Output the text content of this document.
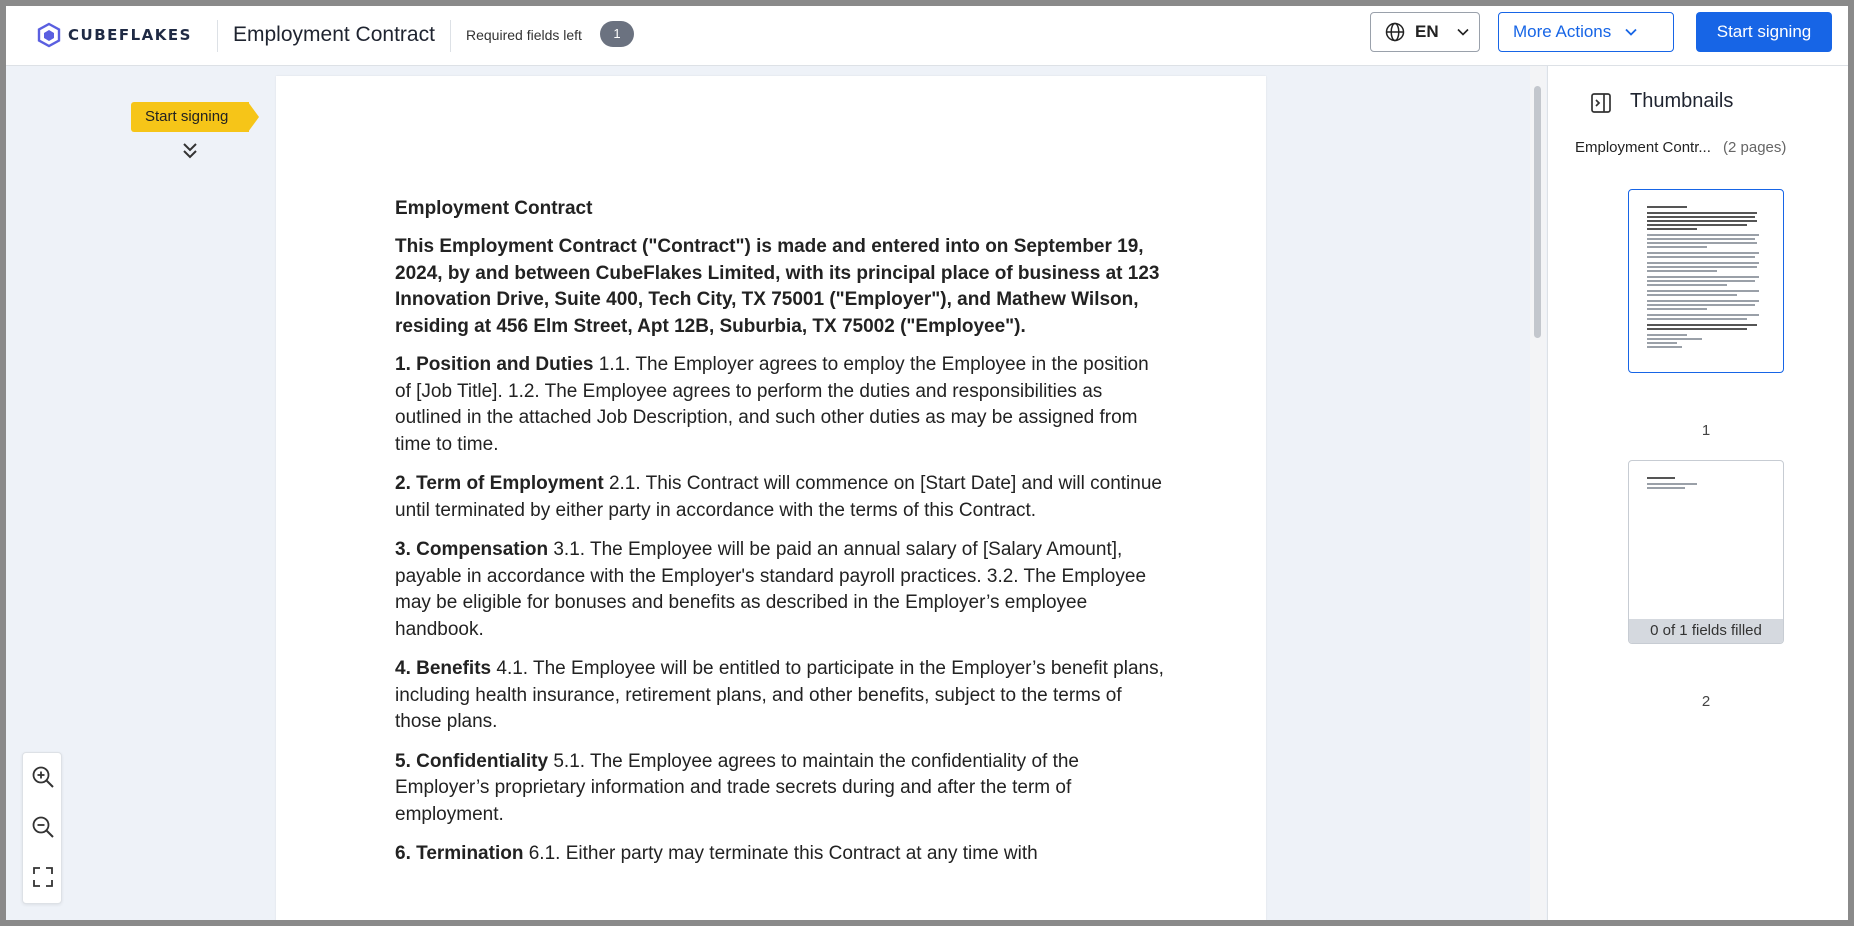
CUBEFLAKES Employment Contract Required fields left	1	EN	More Actions	Start signing
Start signing
Employment Contract
This Employment Contract ("Contract") is made and entered into on September 19, 2024, by and between CubeFlakes Limited, with its principal place of business at 123 Innovation Drive, Suite 400, Tech City, TX 75001 ("Employer"), and Mathew Wilson, residing at 456 Elm Street, Apt 12B, Suburbia, TX 75002 ("Employee").

1. Position and Duties 1.1. The Employer agrees to employ the Employee in the position of [Job Title]. 1.2. The Employee agrees to perform the duties and responsibilities as outlined in the attached Job Description, and such other duties as may be assigned from time to time.

2. Term of Employment 2.1. This Contract will commence on [Start Date] and will continue until terminated by either party in accordance with the terms of this Contract.

3. Compensation 3.1. The Employee will be paid an annual salary of [Salary Amount], payable in accordance with the Employer's standard payroll practices. 3.2. The Employee may be eligible for bonuses and benefits as described in the Employer’s employee handbook.

4. Benefits 4.1. The Employee will be entitled to participate in the Employer’s benefit plans, including health insurance, retirement plans, and other benefits, subject to the terms of those plans.

5. Confidentiality 5.1. The Employee agrees to maintain the confidentiality of the Employer’s proprietary information and trade secrets during and after the term of employment.

6. Termination 6.1. Either party may terminate this Contract at any time with

Thumbnails
Employment Contr... (2 pages)
1
0 of 1 fields filled
2
